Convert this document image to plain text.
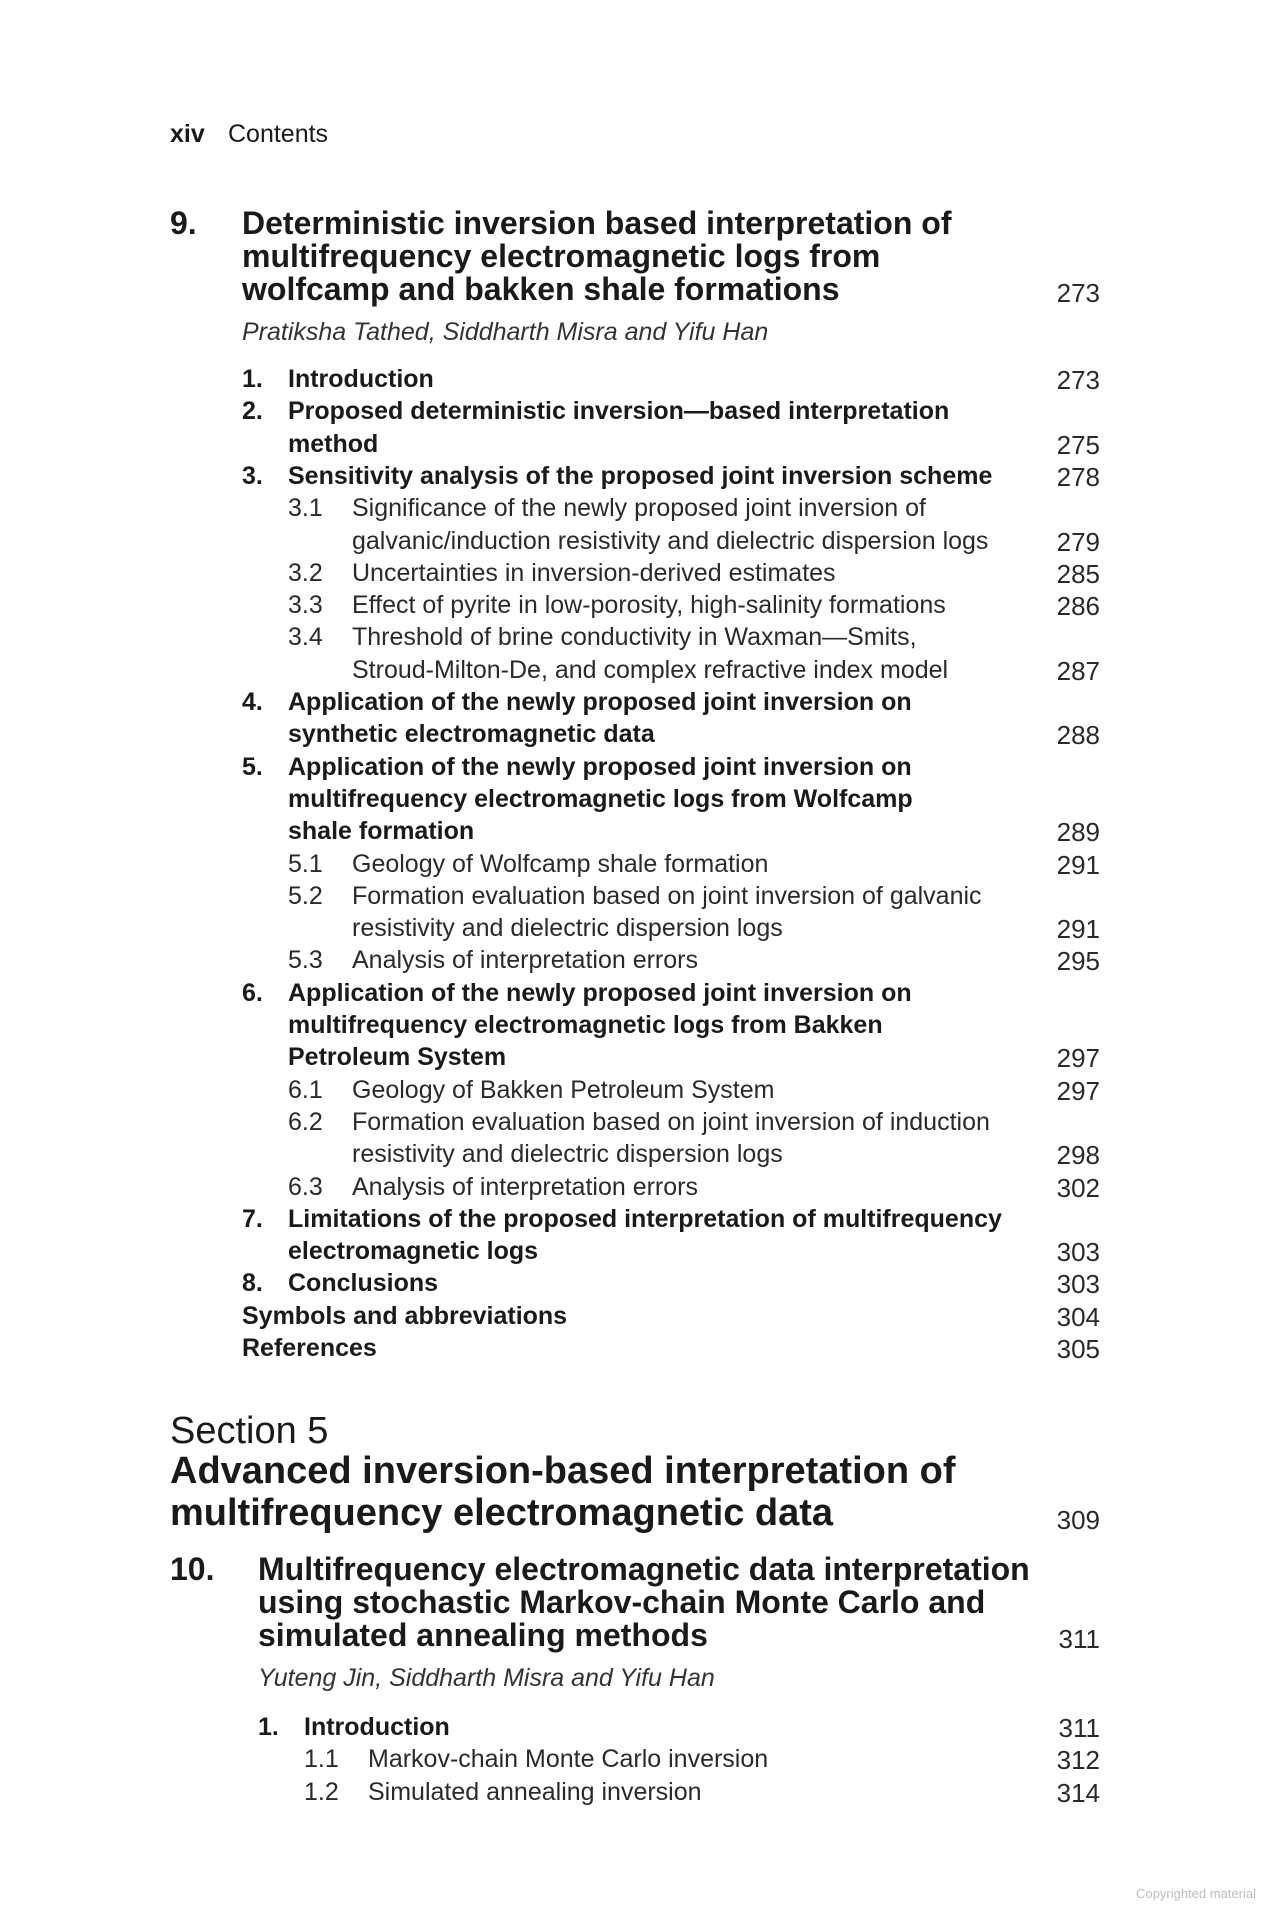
xiv Contents
9. Deterministic inversion based interpretation of
multifrequency electromagnetic logs from
wolfcamp and bakken shale formations	273
Pratiksha Tathed, Siddharth Misra and Yifu Han
1. Introduction	273
2. Proposed deterministic inversion—based interpretation
method	275
3. Sensitivity analysis of the proposed joint inversion scheme 278
3.1 Significance of the newly proposed joint inversion of
galvanic/induction resistivity and dielectric dispersion logs	279
3.2 Uncertainties in inversion-derived estimates	285
3.3 Effect of pyrite in low-porosity, high-salinity formations	286
3.4 Threshold of brine conductivity in Waxman—Smits,
Stroud-Milton-De, and complex refractive index model	287
4. Application of the newly proposed joint inversion on
synthetic electromagnetic data	288
5. Application of the newly proposed joint inversion on
multifrequency electromagnetic logs from Wolfcamp
shale formation	289
5.1 Geology of Wolfcamp shale formation	291
5.2 Formation evaluation based on joint inversion of galvanic
resistivity and dielectric dispersion logs	291
5.3 Analysis of interpretation errors	295
6. Application of the newly proposed joint inversion on
multifrequency electromagnetic logs from Bakken
Petroleum System	297
6.1 Geology of Bakken Petroleum System	297
6.2 Formation evaluation based on joint inversion of induction
resistivity and dielectric dispersion logs	298
6.3 Analysis of interpretation errors	302
7. Limitations of the proposed interpretation of multifrequency
electromagnetic logs	303
8. Conclusions	303
Symbols and abbreviations	304
References	305
Section 5
Advanced inversion-based interpretation of
multifrequency electromagnetic data	309
10. Multifrequency electromagnetic data interpretation
using stochastic Markov-chain Monte Carlo and
simulated annealing methods	311
Yuteng Jin, Siddharth Misra and Yifu Han
1. Introduction	311
1.1 Markov-chain Monte Carlo inversion	312
1.2 Simulated annealing inversion	314
Copyrighted material
